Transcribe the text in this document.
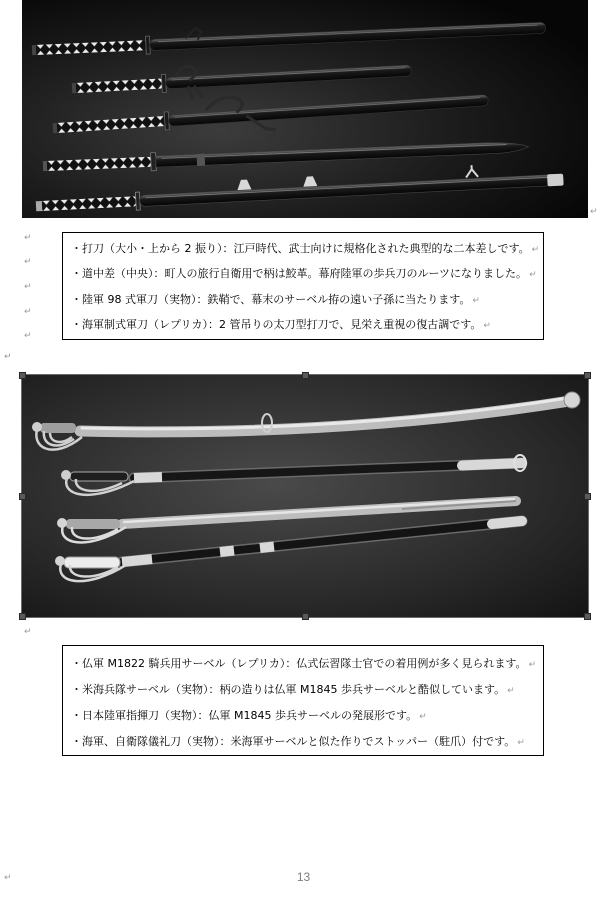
・打刀（大小・上から 2 振り）：江戸時代、武士向けに規格化された典型的な二本差しです。 ↵
・道中差（中央）：町人の旅行自衛用で柄は鮫革。幕府陸軍の歩兵刀のルーツになりました。 ↵
・陸軍 98 式軍刀（実物）：鉄鞘で、幕末のサーベル拵の遠い子孫に当たります。 ↵
・海軍制式軍刀（レプリカ）：2 管吊りの太刀型打刀で、見栄え重視の復古調です。 ↵
・仏軍 M1822 騎兵用サーベル（レプリカ）：仏式伝習隊士官での着用例が多く見られます。 ↵
・米海兵隊サーベル（実物）：柄の造りは仏軍 M1845 歩兵サーベルと酷似しています。 ↵
・日本陸軍指揮刀（実物）：仏軍 M1845 歩兵サーベルの発展形です。 ↵
・海軍、自衛隊儀礼刀（実物）：米海軍サーベルと似た作りでストッパー（駐爪）付です。 ↵
↵
↵
↵
↵
↵
↵
↵
↵
↵	13
